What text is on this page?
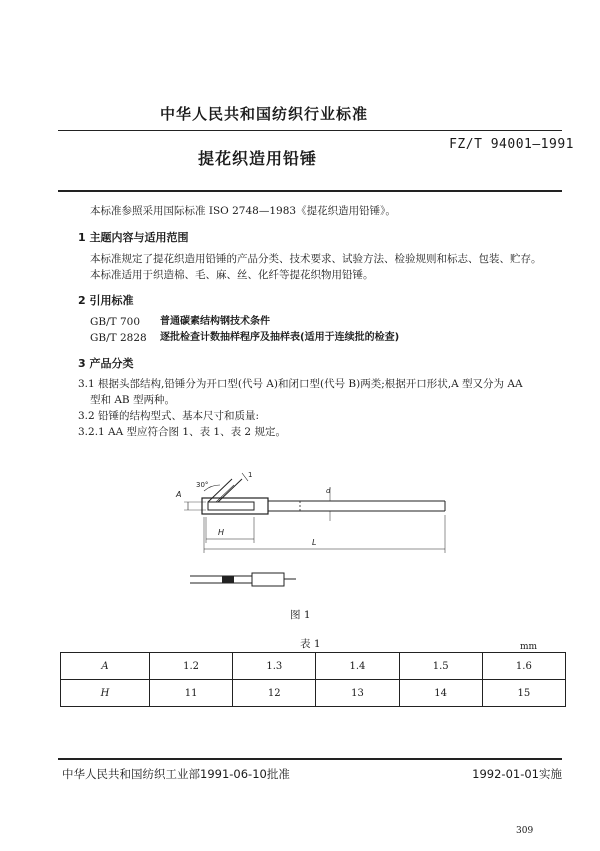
中华人民共和国纺织行业标准
FZ/T 94001—1991
提花织造用铅锤
本标准参照采用国际标准 ISO 2748—1983《提花织造用铅锤》。
1 主题内容与适用范围
本标准规定了提花织造用铅锤的产品分类、技术要求、试验方法、检验规则和标志、包装、贮存。
本标准适用于织造棉、毛、麻、丝、化纤等提花织物用铅锤。
2 引用标准
GB/T 700 普通碳素结构钢技术条件
GB/T 2828 逐批检查计数抽样程序及抽样表(适用于连续批的检查)
3 产品分类
3.1 根据头部结构,铅锤分为开口型(代号 A)和闭口型(代号 B)两类;根据开口形状,A 型又分为 AA
型和 AB 型两种。
3.2 铅锤的结构型式、基本尺寸和质量:
3.2.1 AA 型应符合图 1、表 1、表 2 规定。
30°
1
A	d
H
L
图 1
表 1	mm
A	1.2	1.3	1.4	1.5	1.6
H	11	12	13	14	15
中华人民共和国纺织工业部1991-06-10批准	1992-01-01实施
309
